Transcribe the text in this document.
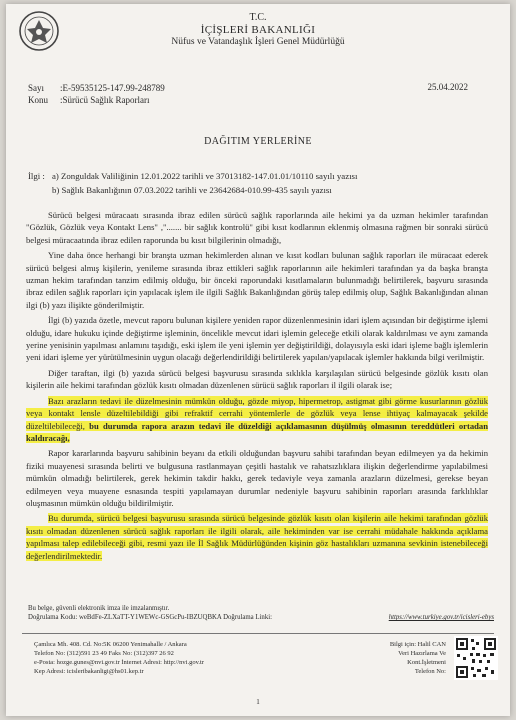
T.C.
İÇİŞLERİ BAKANLIĞI
Nüfus ve Vatandaşlık İşleri Genel Müdürlüğü
Sayı :E-59535125-147.99-248789
Konu :Sürücü Sağlık Raporları
25.04.2022
DAĞITIM YERLERİNE
İlgi : a) Zonguldak Valiliğinin 12.01.2022 tarihli ve 37013182-147.01.01/10110 sayılı yazısı
b) Sağlık Bakanlığının 07.03.2022 tarihli ve 23642684-010.99-435 sayılı yazısı

Sürücü belgesi müracaatı sırasında ibraz edilen sürücü sağlık raporlarında aile hekimi ya da uzman hekimler tarafından "Gözlük, Gözlük veya Kontakt Lens" ,"....... bir sağlık kontrolü" gibi kısıt kodlarının eklenmiş olmasına rağmen bir sonraki sürücü belgesi müracaatında ibraz edilen raporunda bu kısıt bilgilerinin olmadığı,

Yine daha önce herhangi bir branşta uzman hekimlerden alınan ve kısıt kodları bulunan sağlık raporları ile müracaat ederek sürücü belgesi almış kişilerin, yenileme sırasında ibraz ettikleri sağlık raporlarının aile hekimleri tarafından ya da başka branşta uzman hekim tarafından tanzim edilmiş olduğu, bir önceki raporundaki kısıtlamaların bulunmadığı belirtilerek, başvuru sırasında ibraz edilen sağlık raporları için yapılacak işlem ile ilgili Sağlık Bakanlığından görüş talep edilmiş olup, Sağlık Bakanlığından alınan ilgi (b) yazı ilişikte gönderilmiştir.

İlgi (b) yazıda özetle, mevcut raporu bulunan kişilere yeniden rapor düzenlenmesinin idari işlem açısından bir değiştirme işlemi olduğu, idare hukuku içinde değiştirme işleminin, öncelikle mevcut idari işlemin geleceğe etkili olarak kaldırılması ve aynı zamanda yerine yenisinin yapılması anlamını taşıdığı, eski işlem ile yeni işlemin yer değiştirildiği, dolayısıyla eski idari işleme bağlı işlemlerin yeni idari işleme yer yürütülmesinin uygun olacağı değerlendirildiği belirtilerek yapılan/yapılacak işlemler hakkında bilgi verilmiştir.

Diğer taraftan, ilgi (b) yazıda sürücü belgesi başvurusu sırasında sıklıkla karşılaşılan sürücü belgesinde gözlük kısıtı olan kişilerin aile hekimi tarafından gözlük kısıtı olmadan düzenlenen sürücü sağlık raporları il ilgili olarak ise;

Bazı arazların tedavi ile düzelmesinin mümkün olduğu, gözde miyop, hipermetrop, astigmat gibi görme kusurlarının gözlük veya kontakt lensle düzeltilebildiği gibi refraktif cerrahi yöntemlerle de gözlük veya lense ihtiyaç kalmayacak şekilde düzeltilebileceği, bu durumda rapora arazın tedavi ile düzeldiği açıklamasının düşülmüş olmasının tereddütleri ortadan kaldıracağı,

Rapor kararlarında başvuru sahibinin beyanı da etkili olduğundan başvuru sahibi tarafından beyan edilmeyen ya da hekimin fiziki muayenesi sırasında belirti ve bulgusuna rastlanmayan çeşitli hastalık ve rahatsızlıklara ilişkin değerlendirme yapılabilmesi mümkün olmadığı belirtilerek, gerek hekimin takdir hakkı, gerek tedaviyle veya zamanla arazların düzelmesi, gerekse beyan edilmeyen veya muayene esnasında tespiti yapılamayan durumlar nedeniyle başvuru sahibinin raporları arasında farklılıklar oluşmasının mümkün olduğu bildirilmiştir.

Bu durumda, sürücü belgesi başvurusu sırasında sürücü belgesinde gözlük kısıtı olan kişilerin aile hekimi tarafından gözlük kısıtı olmadan düzenlenen sürücü sağlık raporları ile ilgili olarak, aile hekiminden var ise cerrahi müdahale hakkında açıklama yapılması talep edilebileceği gibi, resmi yazı ile İl Sağlık Müdürlüğünden kişinin göz hastalıkları uzmanına sevkinin istenebileceği değerlendirilmektedir.

Bu belge, güvenli elektronik imza ile imzalanmıştır.
Doğrulama Kodu: weBdFe-ZLXaTT-Y1WEWc-GSGcPu-IBZUQBKA Doğrulama Linki:	https://www.turkiye.gov.tr/icisleri-ebys
Çamlıca Mh. 408. Cd. No:5K 06200 Yenimahalle / Ankara
Telefon No: (312)591 23 49 Faks No: (312)397 26 92
e-Posta: hozge.gunes@nvi.gov.tr İnternet Adresi: http://nvi.gov.tr
Kep Adresi: icisleribakanligi@hs01.kep.tr
Bilgi için: Halil CAN
Veri Hazırlama Ve Kont.İşletmeni
Telefon No:
1
